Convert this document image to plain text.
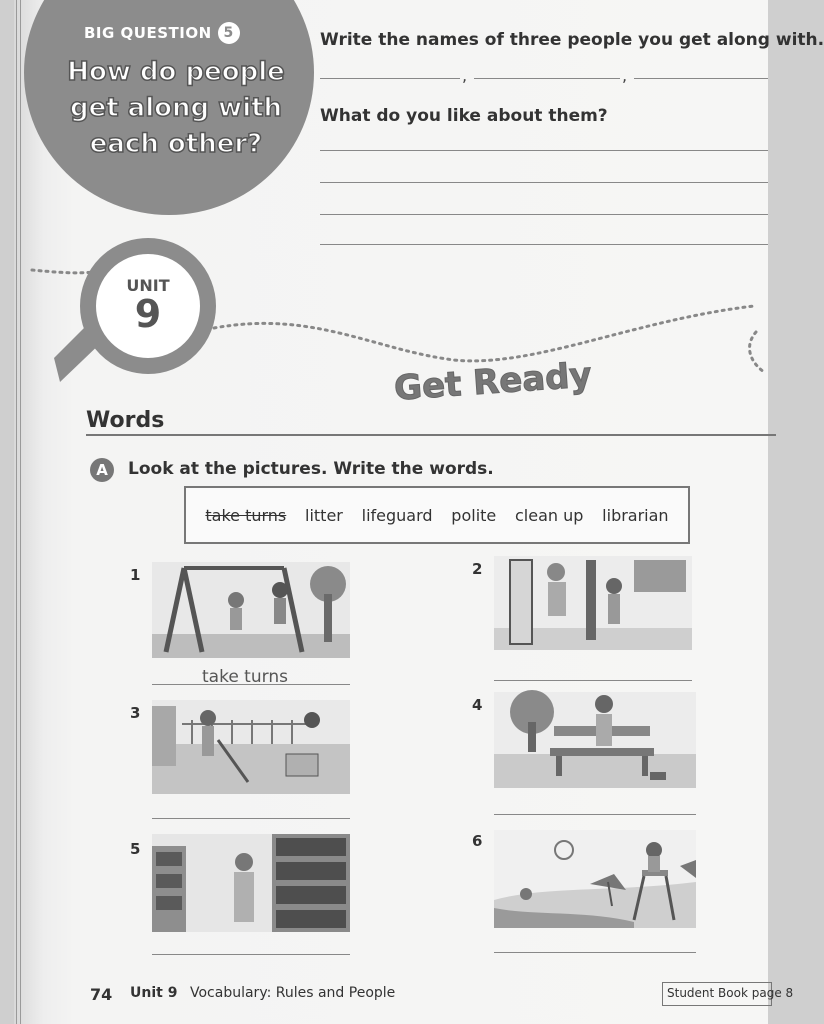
BIG QUESTION 5
How do people get along with each other?
Write the names of three people you get along with.
,	,
What do you like about them?
UNIT
9
Get Ready
Words
A	Look at the pictures. Write the words.
take turns litter lifeguard polite clean up librarian
1
take turns
2
3	4
5	6
74 Unit 9 Vocabulary: Rules and People	Student Book page 8
